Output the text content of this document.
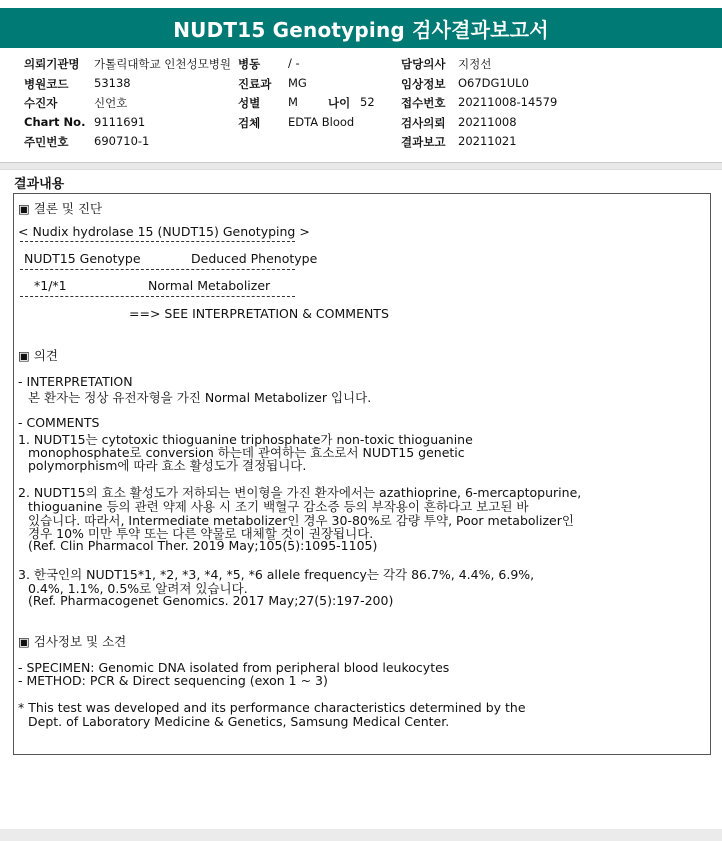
NUDT15 Genotyping 검사결과보고서
의뢰기관명 가톨릭대학교 인천성모병원 병동 / -	담당의사 지정선
병원코드 53138	진료과 MG	임상정보 O67DG1UL0
수진자	신언호	성별 M	나이 52 접수번호 20211008-14579
Chart No. 9111691	검체 EDTA Blood	검사의뢰 20211008
주민번호 690710-1	결과보고 20211021
결과내용
▣ 결론 및 진단
< Nudix hydrolase 15 (NUDT15) Genotyping >
NUDT15 Genotype	Deduced Phenotype
*1/*1	Normal Metabolizer
==> SEE INTERPRETATION & COMMENTS
▣ 의견
- INTERPRETATION
본 환자는 정상 유전자형을 가진 Normal Metabolizer 입니다.
- COMMENTS
1. NUDT15는 cytotoxic thioguanine triphosphate가 non-toxic thioguanine
monophosphate로 conversion 하는데 관여하는 효소로서 NUDT15 genetic
polymorphism에 따라 효소 활성도가 결정됩니다.
2. NUDT15의 효소 활성도가 저하되는 변이형을 가진 환자에서는 azathioprine, 6-mercaptopurine,
thioguanine 등의 관련 약제 사용 시 조기 백혈구 감소증 등의 부작용이 흔하다고 보고된 바
있습니다. 따라서, Intermediate metabolizer인 경우 30-80%로 감량 투약, Poor metabolizer인
경우 10% 미만 투약 또는 다른 약물로 대체할 것이 권장됩니다.
(Ref. Clin Pharmacol Ther. 2019 May;105(5):1095-1105)
3. 한국인의 NUDT15*1, *2, *3, *4, *5, *6 allele frequency는 각각 86.7%, 4.4%, 6.9%,
0.4%, 1.1%, 0.5%로 알려져 있습니다.
(Ref. Pharmacogenet Genomics. 2017 May;27(5):197-200)
▣ 검사정보 및 소견
- SPECIMEN: Genomic DNA isolated from peripheral blood leukocytes
- METHOD: PCR & Direct sequencing (exon 1 ~ 3)
* This test was developed and its performance characteristics determined by the
Dept. of Laboratory Medicine & Genetics, Samsung Medical Center.
